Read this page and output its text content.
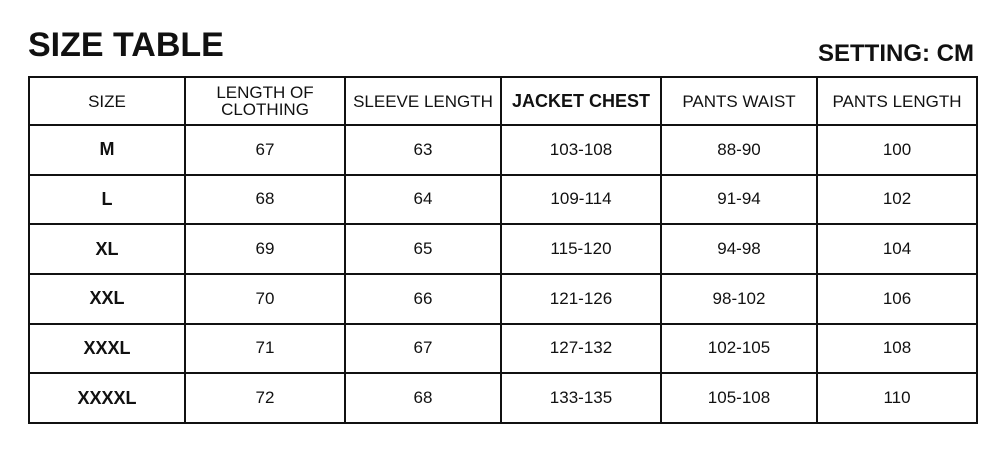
SIZE TABLE	SETTING: CM
SIZE	LENGTH OF CLOTHING	SLEEVE LENGTH	JACKET CHEST	PANTS WAIST	PANTS LENGTH
M	67	63	103-108	88-90	100
L	68	64	109-114	91-94	102
XL	69	65	115-120	94-98	104
XXL	70	66	121-126	98-102	106
XXXL	71	67	127-132	102-105	108
XXXXL	72	68	133-135	105-108	110
